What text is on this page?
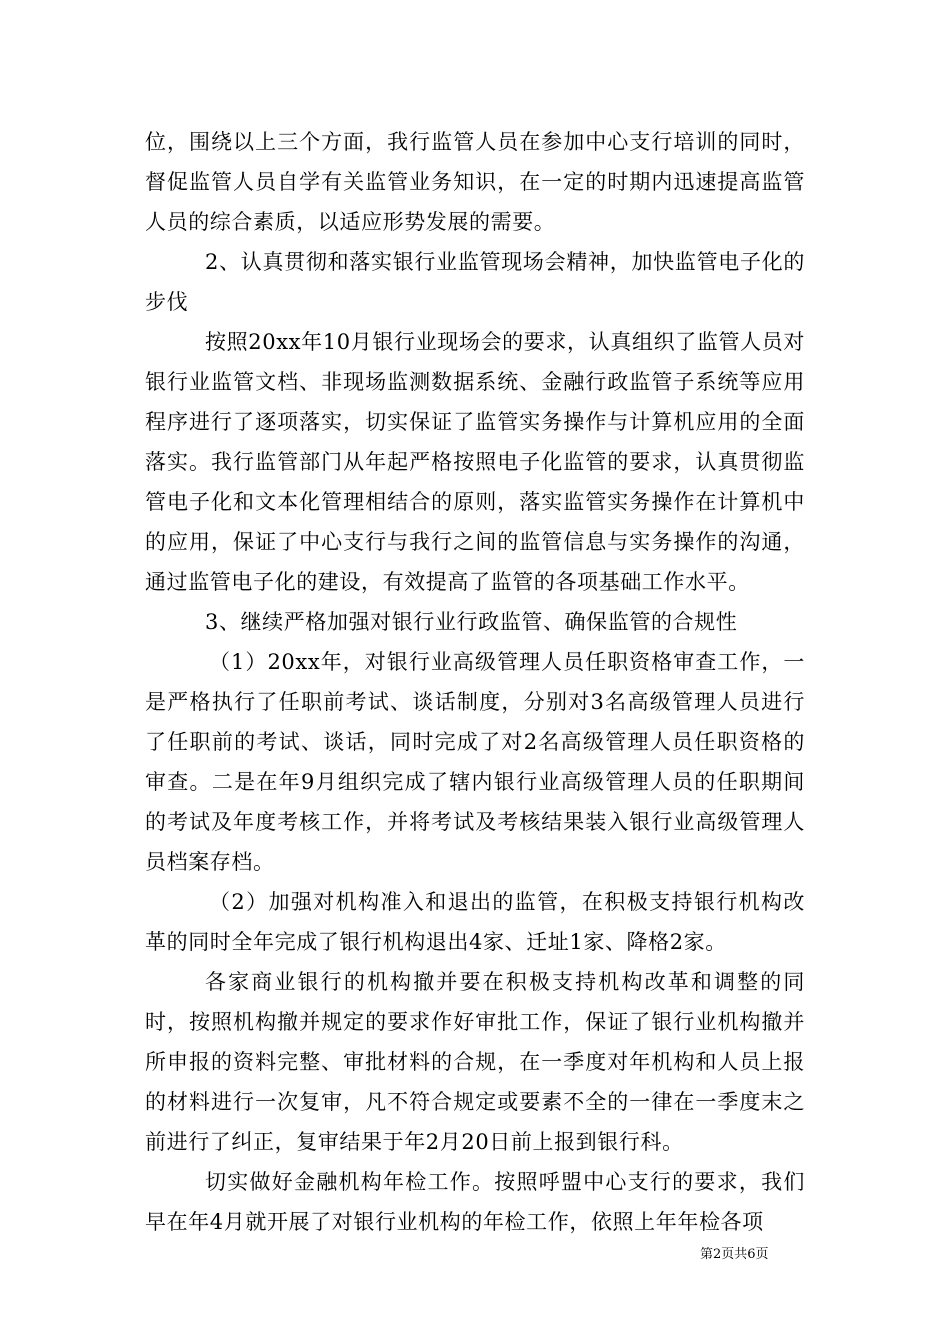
位，围绕以上三个方面，我行监管人员在参加中心支行培训的同时，督促监管人员自学有关监管业务知识，在一定的时期内迅速提高监管人员的综合素质，以适应形势发展的需要。

2、认真贯彻和落实银行业监管现场会精神，加快监管电子化的步伐

按照20xx年10月银行业现场会的要求，认真组织了监管人员对银行业监管文档、非现场监测数据系统、金融行政监管子系统等应用程序进行了逐项落实，切实保证了监管实务操作与计算机应用的全面落实。我行监管部门从年起严格按照电子化监管的要求，认真贯彻监管电子化和文本化管理相结合的原则，落实监管实务操作在计算机中的应用，保证了中心支行与我行之间的监管信息与实务操作的沟通，通过监管电子化的建设，有效提高了监管的各项基础工作水平。

3、继续严格加强对银行业行政监管、确保监管的合规性

（1）20xx年，对银行业高级管理人员任职资格审查工作，一是严格执行了任职前考试、谈话制度，分别对3名高级管理人员进行了任职前的考试、谈话，同时完成了对2名高级管理人员任职资格的审查。二是在年9月组织完成了辖内银行业高级管理人员的任职期间的考试及年度考核工作，并将考试及考核结果装入银行业高级管理人员档案存档。

（2）加强对机构准入和退出的监管，在积极支持银行机构改革的同时全年完成了银行机构退出4家、迁址1家、降格2家。

各家商业银行的机构撤并要在积极支持机构改革和调整的同时，按照机构撤并规定的要求作好审批工作，保证了银行业机构撤并所申报的资料完整、审批材料的合规，在一季度对年机构和人员上报的材料进行一次复审，凡不符合规定或要素不全的一律在一季度末之前进行了纠正，复审结果于年2月20日前上报到银行科。

切实做好金融机构年检工作。按照呼盟中心支行的要求，我们早在年4月就开展了对银行业机构的年检工作，依照上年年检各项

第2页共6页
